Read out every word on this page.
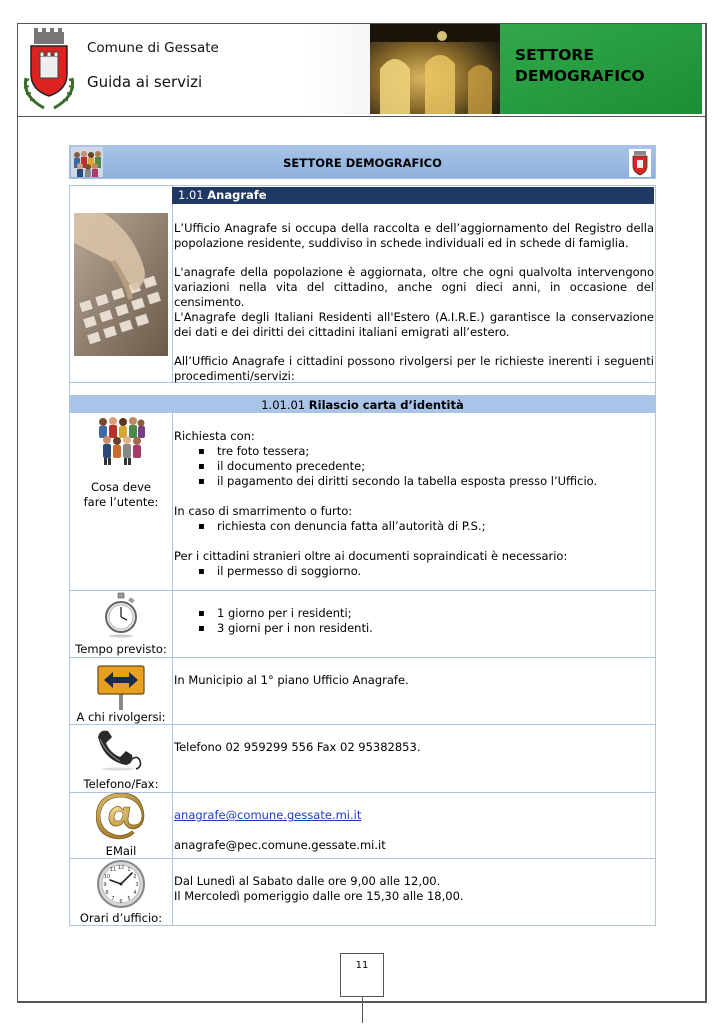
Comune di Gessate
Guida ai servizi
SETTORE DEMOGRAFICO
SETTORE DEMOGRAFICO
1.01 Anagrafe
L’Ufficio Anagrafe si occupa della raccolta e dell’aggiornamento del Registro della popolazione residente, suddiviso in schede individuali ed in schede di famiglia.
L'anagrafe della popolazione è aggiornata, oltre che ogni qualvolta intervengono variazioni nella vita del cittadino, anche ogni dieci anni, in occasione del censimento.
L'Anagrafe degli Italiani Residenti all'Estero (A.I.R.E.) garantisce la conservazione dei dati e dei diritti dei cittadini italiani emigrati all’estero.
All’Ufficio Anagrafe i cittadini possono rivolgersi per le richieste inerenti i seguenti procedimenti/servizi:
1.01.01 Rilascio carta d’identità
Cosa deve fare l’utente:
Richiesta con:
▪ tre foto tessera;
▪ il documento precedente;
▪ il pagamento dei diritti secondo la tabella esposta presso l’Ufficio.
In caso di smarrimento o furto:
▪ richiesta con denuncia fatta all’autorità di P.S.;
Per i cittadini stranieri oltre ai documenti sopraindicati è necessario:
▪ il permesso di soggiorno.
Tempo previsto:
▪ 1 giorno per i residenti;
▪ 3 giorni per i non residenti.
A chi rivolgersi:
In Municipio al 1° piano Ufficio Anagrafe.
Telefono/Fax:
Telefono 02 959299 556 Fax 02 95382853.
EMail
anagrafe@comune.gessate.mi.it
anagrafe@pec.comune.gessate.mi.it
12
3
6
9
1
2
4
5
7
8
10
11
Orari d’ufficio:
Dal Lunedì al Sabato dalle ore 9,00 alle 12,00.
Il Mercoledì pomeriggio dalle ore 15,30 alle 18,00.
11
